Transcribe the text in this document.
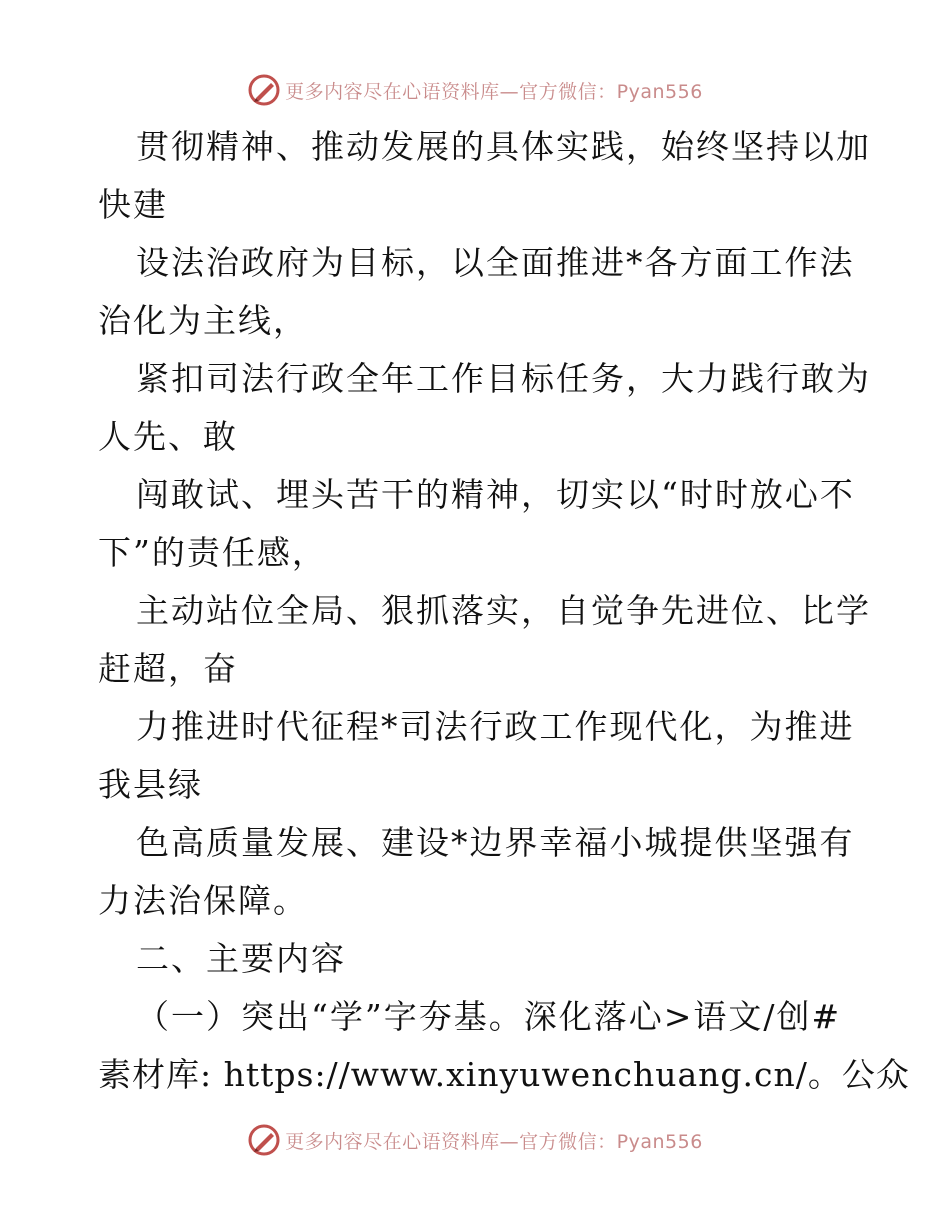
更多内容尽在心语资料库—官方微信：Pyan556
贯彻精神、推动发展的具体实践，始终坚持以加
快建
设法治政府为目标，以全面推进*各方面工作法
治化为主线，
紧扣司法行政全年工作目标任务，大力践行敢为
人先、敢
闯敢试、埋头苦干的精神，切实以“时时放心不
下”的责任感，
主动站位全局、狠抓落实，自觉争先进位、比学
赶超，奋
力推进时代征程*司法行政工作现代化，为推进
我县绿
色高质量发展、建设*边界幸福小城提供坚强有
力法治保障。
二、主要内容
（一）突出“学”字夯基。深化落心>语文/创#
素材库: https://www.xinyuwenchuang.cn/。公众
更多内容尽在心语资料库—官方微信：Pyan556
